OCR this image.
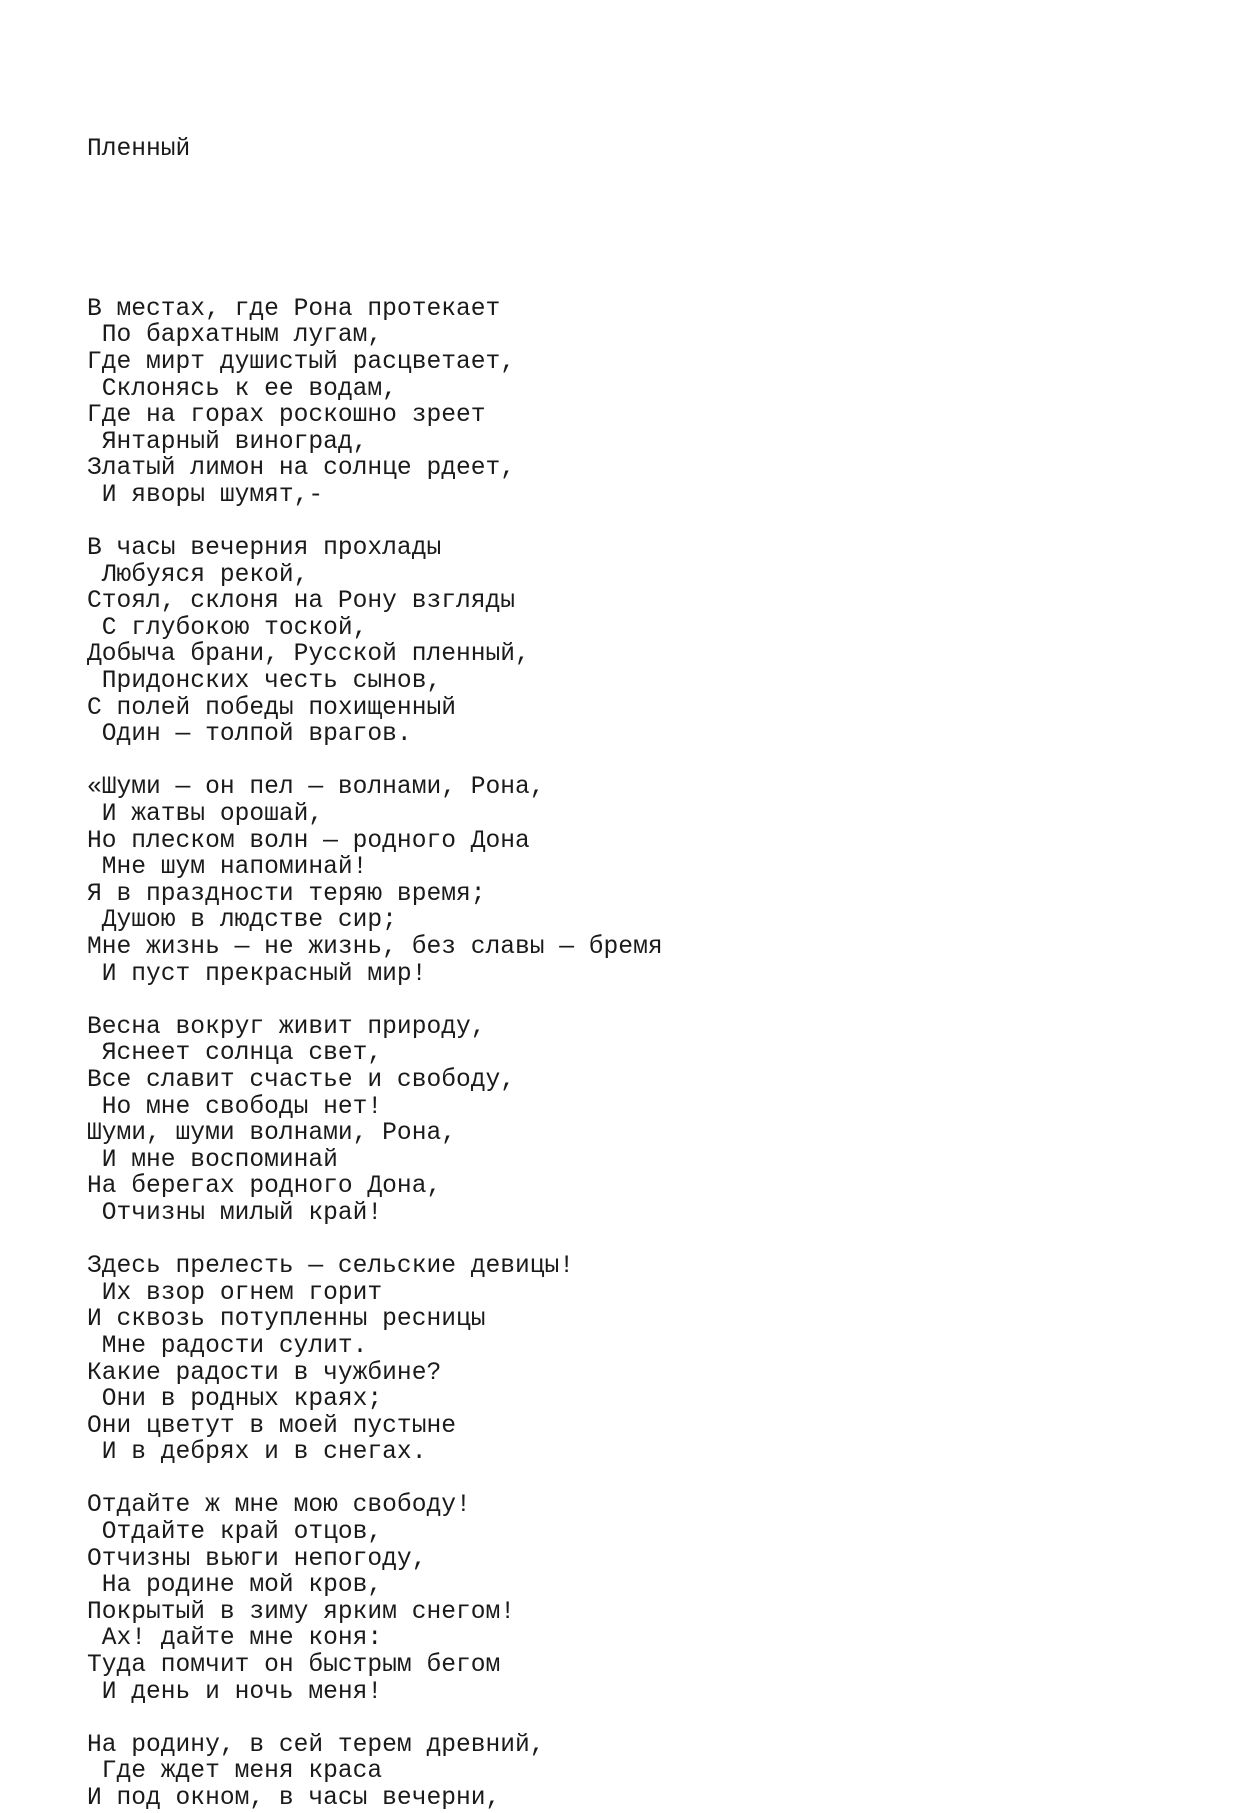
Пленный

В местах, где Рона протекает
По бархатным лугам,
Где мирт душистый расцветает,
Склонясь к ее водам,
Где на горах роскошно зреет
Янтарный виноград,
Златый лимон на солнце рдеет,
И яворы шумят,-
В часы вечерния прохлады
Любуяся рекой,
Стоял, склоня на Рону взгляды
С глубокою тоской,
Добыча брани, Русской пленный,
Придонских честь сынов,
С полей победы похищенный
Один — толпой врагов.
«Шуми — он пел — волнами, Рона,
И жатвы орошай,
Но плеском волн — родного Дона
Мне шум напоминай!
Я в праздности теряю время;
Душою в людстве сир;
Мне жизнь — не жизнь, без славы — бремя
И пуст прекрасный мир!
Весна вокруг живит природу,
Яснеет солнца свет,
Все славит счастье и свободу,
Но мне свободы нет!
Шуми, шуми волнами, Рона,
И мне воспоминай
На берегах родного Дона,
Отчизны милый край!
Здесь прелесть — сельские девицы!
Их взор огнем горит
И сквозь потупленны ресницы
Мне радости сулит.
Какие радости в чужбине?
Они в родных краях;
Они цветут в моей пустыне
И в дебрях и в снегах.
Отдайте ж мне мою свободу!
Отдайте край отцов,
Отчизны вьюги непогоду,
На родине мой кров,
Покрытый в зиму ярким снегом!
Ах! дайте мне коня:
Туда помчит он быстрым бегом
И день и ночь меня!
На родину, в сей терем древний,
Где ждет меня краса
И под окном, в часы вечерни,
